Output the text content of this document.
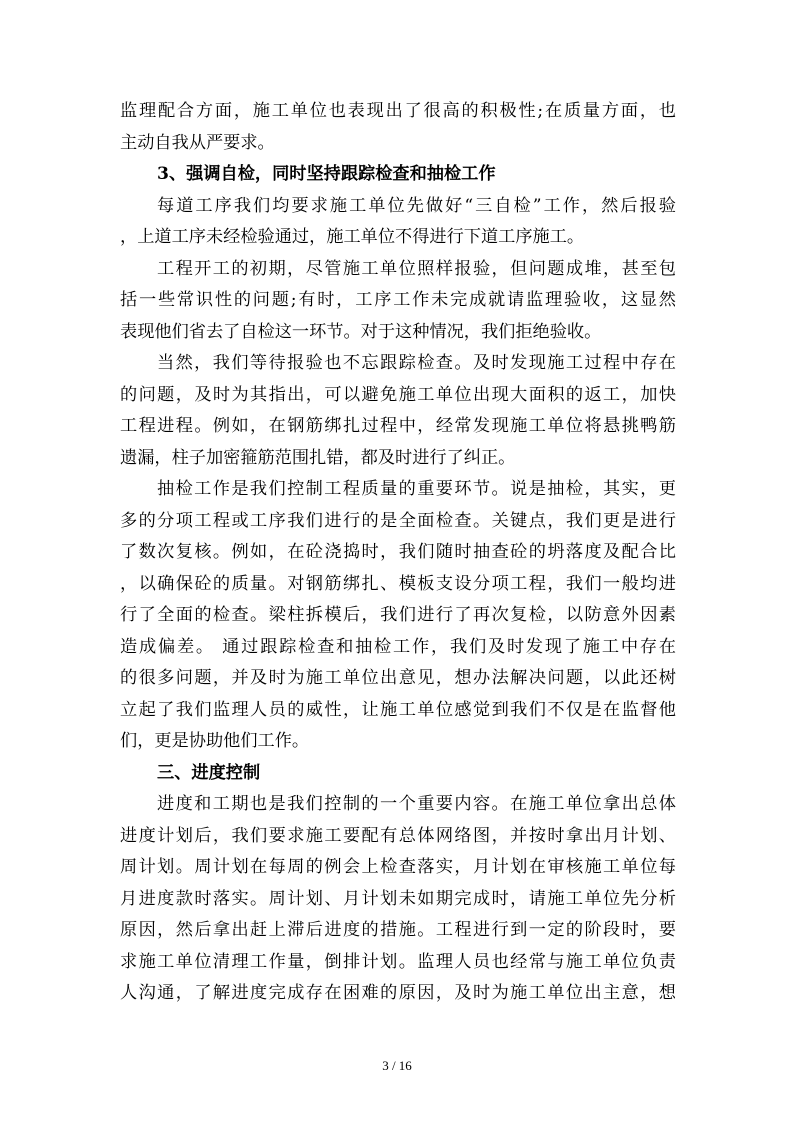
监理配合方面，施工单位也表现出了很高的积极性;在质量方面，也
主动自我从严要求。
3、强调自检，同时坚持跟踪检查和抽检工作
每道工序我们均要求施工单位先做好“三自检”工作，然后报验
，上道工序未经检验通过，施工单位不得进行下道工序施工。
工程开工的初期，尽管施工单位照样报验，但问题成堆，甚至包
括一些常识性的问题;有时，工序工作未完成就请监理验收，这显然
表现他们省去了自检这一环节。对于这种情况，我们拒绝验收。
当然，我们等待报验也不忘跟踪检查。及时发现施工过程中存在
的问题，及时为其指出，可以避免施工单位出现大面积的返工，加快
工程进程。例如，在钢筋绑扎过程中，经常发现施工单位将悬挑鸭筋
遗漏，柱子加密箍筋范围扎错，都及时进行了纠正。
抽检工作是我们控制工程质量的重要环节。说是抽检，其实，更
多的分项工程或工序我们进行的是全面检查。关键点，我们更是进行
了数次复核。例如，在砼浇捣时，我们随时抽查砼的坍落度及配合比
，以确保砼的质量。对钢筋绑扎、模板支设分项工程，我们一般均进
行了全面的检查。梁柱拆模后，我们进行了再次复检，以防意外因素
造成偏差。 通过跟踪检查和抽检工作，我们及时发现了施工中存在
的很多问题，并及时为施工单位出意见，想办法解决问题，以此还树
立起了我们监理人员的威性，让施工单位感觉到我们不仅是在监督他
们，更是协助他们工作。
三、进度控制
进度和工期也是我们控制的一个重要内容。在施工单位拿出总体
进度计划后，我们要求施工要配有总体网络图，并按时拿出月计划、
周计划。周计划在每周的例会上检查落实，月计划在审核施工单位每
月进度款时落实。周计划、月计划未如期完成时，请施工单位先分析
原因，然后拿出赶上滞后进度的措施。工程进行到一定的阶段时，要
求施工单位清理工作量，倒排计划。监理人员也经常与施工单位负责
人沟通，了解进度完成存在困难的原因，及时为施工单位出主意，想
3 / 16
